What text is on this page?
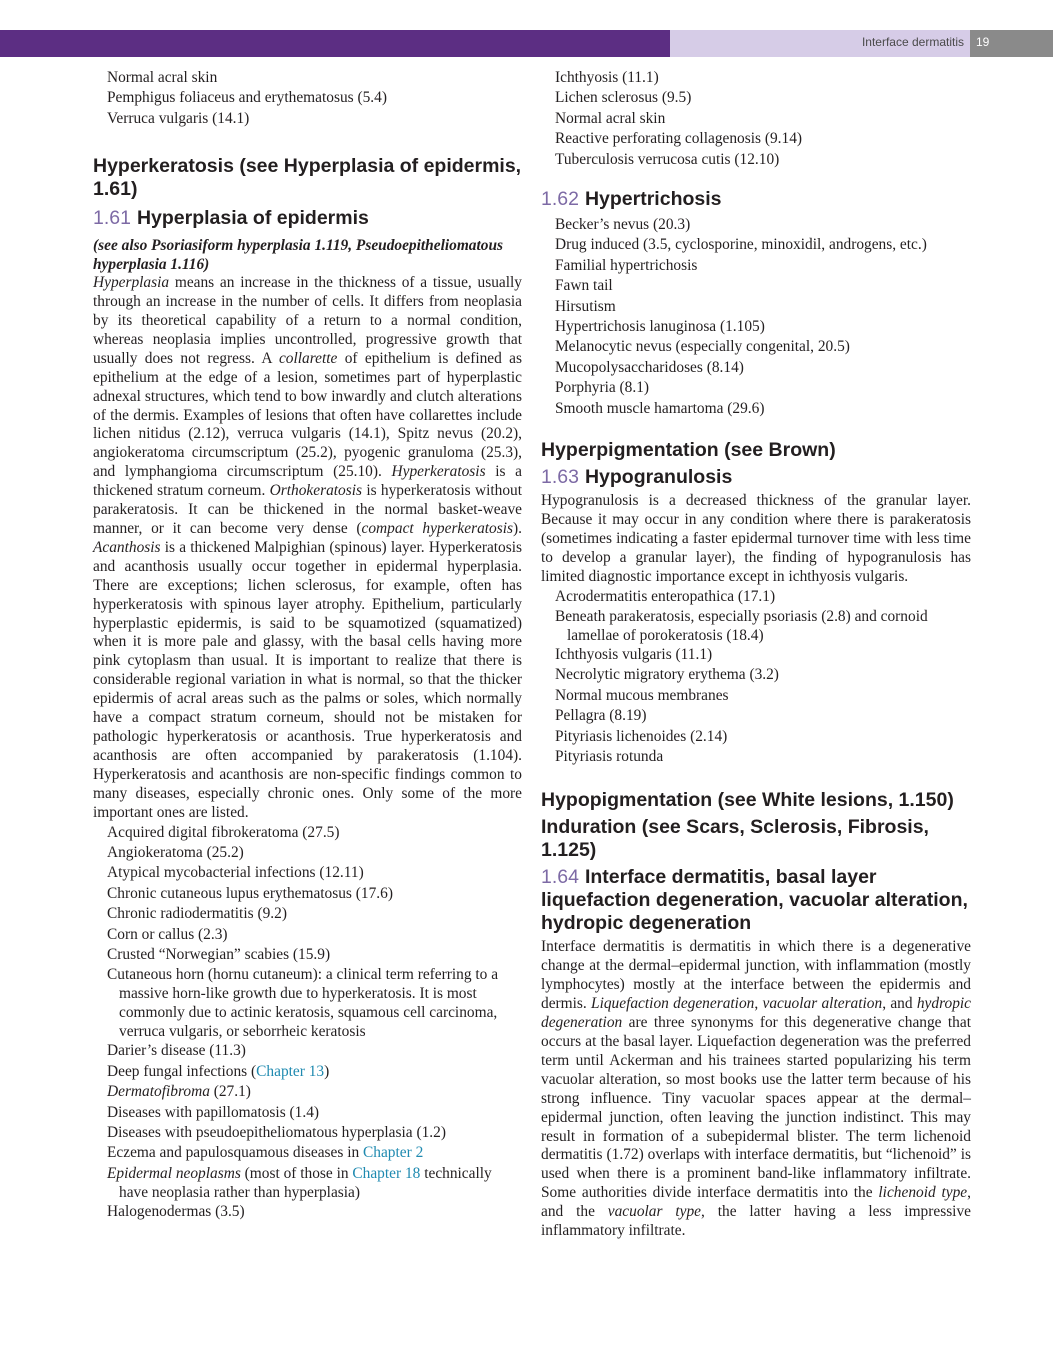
Interface dermatitis 19

Normal acral skin

Pemphigus foliaceus and erythematosus (5.4)

Verruca vulgaris (14.1)

Hyperkeratosis (see Hyperplasia of epidermis, 1.61)
1.61 Hyperplasia of epidermis

(see also Psoriasiform hyperplasia 1.119, Pseudoepitheliomatous hyperplasia 1.116)

Hyperplasia means an increase in the thickness of a tissue, usually through an increase in the number of cells. It differs from neoplasia by its theoretical capability of a return to a normal condition, whereas neoplasia implies uncontrolled, progressive growth that usually does not regress. A collarette of epithelium is defined as epithelium at the edge of a lesion, sometimes part of hyperplastic adnexal structures, which tend to bow inwardly and clutch alterations of the dermis. Examples of lesions that often have collarettes include lichen nitidus (2.12), verruca vulgaris (14.1), Spitz nevus (20.2), angiokeratoma circumscriptum (25.2), pyogenic granuloma (25.3), and lymphangioma circumscriptum (25.10). Hyperkeratosis is a thickened stratum corneum. Orthokeratosis is hyperkeratosis without parakeratosis. It can be thickened in the normal basket-weave manner, or it can become very dense (compact hyperkeratosis). Acanthosis is a thickened Malpighian (spinous) layer. Hyperkeratosis and acanthosis usually occur together in epidermal hyperplasia. There are exceptions; lichen sclerosus, for example, often has hyperkeratosis with spinous layer atrophy. Epithelium, particularly hyperplastic epidermis, is said to be squamotized (squamatized) when it is more pale and glassy, with the basal cells having more pink cytoplasm than usual. It is important to realize that there is considerable regional variation in what is normal, so that the thicker epidermis of acral areas such as the palms or soles, which normally have a compact stratum corneum, should not be mistaken for pathologic hyperkeratosis or acanthosis. True hyperkeratosis and acanthosis are often accompanied by parakeratosis (1.104). Hyperkeratosis and acanthosis are non-specific findings common to many diseases, especially chronic ones. Only some of the more important ones are listed.

Acquired digital fibrokeratoma (27.5)

Angiokeratoma (25.2)

Atypical mycobacterial infections (12.11)

Chronic cutaneous lupus erythematosus (17.6)

Chronic radiodermatitis (9.2)

Corn or callus (2.3)

Crusted “Norwegian” scabies (15.9)

Cutaneous horn (hornu cutaneum): a clinical term referring to a massive horn-like growth due to hyperkeratosis. It is most commonly due to actinic keratosis, squamous cell carcinoma, verruca vulgaris, or seborrheic keratosis

Darier’s disease (11.3)

Deep fungal infections (Chapter 13)

Dermatofibroma (27.1)

Diseases with papillomatosis (1.4)

Diseases with pseudoepitheliomatous hyperplasia (1.2)

Eczema and papulosquamous diseases in Chapter 2

Epidermal neoplasms (most of those in Chapter 18 technically have neoplasia rather than hyperplasia)

Halogenodermas (3.5)

Ichthyosis (11.1)

Lichen sclerosus (9.5)

Normal acral skin

Reactive perforating collagenosis (9.14)

Tuberculosis verrucosa cutis (12.10)

1.62 Hypertrichosis

Becker’s nevus (20.3)

Drug induced (3.5, cyclosporine, minoxidil, androgens, etc.)

Familial hypertrichosis

Fawn tail

Hirsutism

Hypertrichosis lanuginosa (1.105)

Melanocytic nevus (especially congenital, 20.5)

Mucopolysaccharidoses (8.14)

Porphyria (8.1)

Smooth muscle hamartoma (29.6)

Hyperpigmentation (see Brown)
1.63 Hypogranulosis

Hypogranulosis is a decreased thickness of the granular layer. Because it may occur in any condition where there is parakeratosis (sometimes indicating a faster epidermal turnover time with less time to develop a granular layer), the finding of hypogranulosis has limited diagnostic importance except in ichthyosis vulgaris.

Acrodermatitis enteropathica (17.1)

Beneath parakeratosis, especially psoriasis (2.8) and cornoid lamellae of porokeratosis (18.4)

Ichthyosis vulgaris (11.1)

Necrolytic migratory erythema (3.2)

Normal mucous membranes

Pellagra (8.19)

Pityriasis lichenoides (2.14)

Pityriasis rotunda

Hypopigmentation (see White lesions, 1.150)
Induration (see Scars, Sclerosis, Fibrosis, 1.125)
1.64 Interface dermatitis, basal layer liquefaction degeneration, vacuolar alteration, hydropic degeneration

Interface dermatitis is dermatitis in which there is a degenerative change at the dermal–epidermal junction, with inflammation (mostly lymphocytes) mostly at the interface between the epidermis and dermis. Liquefaction degeneration, vacuolar alteration, and hydropic degeneration are three synonyms for this degenerative change that occurs at the basal layer. Liquefaction degeneration was the preferred term until Ackerman and his trainees started popularizing his term vacuolar alteration, so most books use the latter term because of his strong influence. Tiny vacuolar spaces appear at the dermal–epidermal junction, often leaving the junction indistinct. This may result in formation of a subepidermal blister. The term lichenoid dermatitis (1.72) overlaps with interface dermatitis, but “lichenoid” is used when there is a prominent band-like inflammatory infiltrate. Some authorities divide interface dermatitis into the lichenoid type, and the vacuolar type, the latter having a less impressive inflammatory infiltrate.
